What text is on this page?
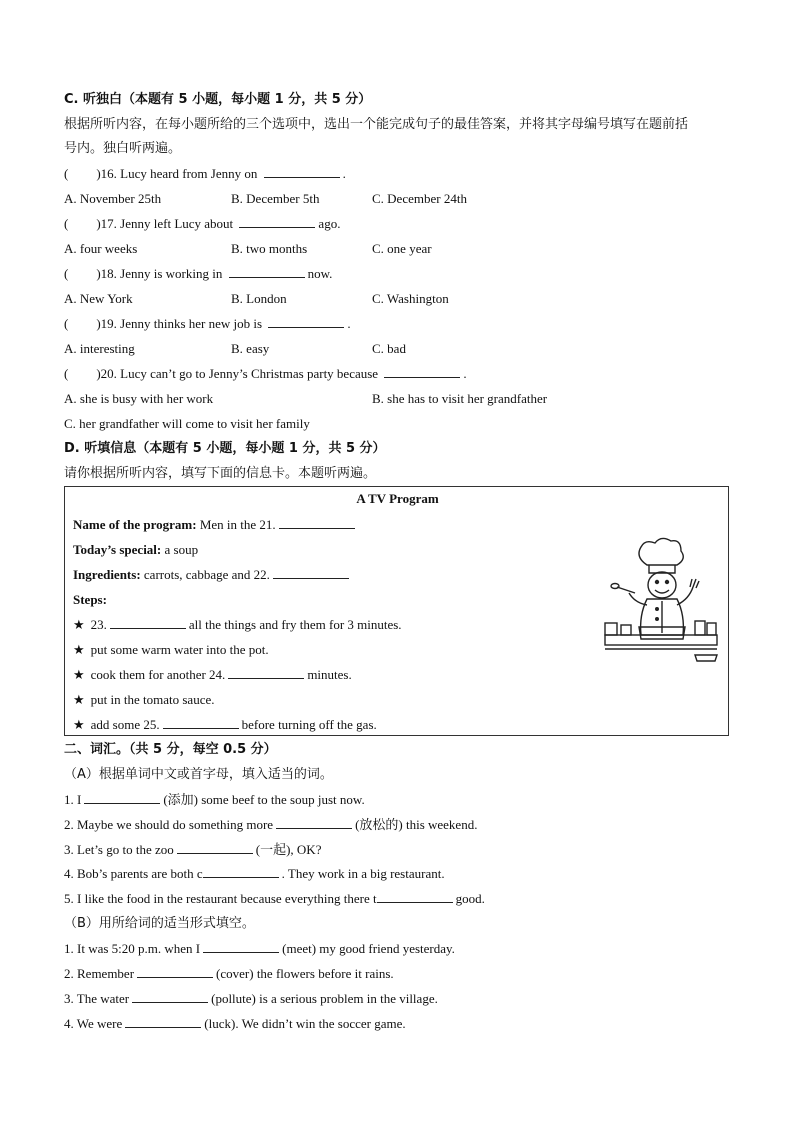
C. 听独白（本题有 5 小题，每小题 1 分，共 5 分）
根据所听内容，在每小题所给的三个选项中，选出一个能完成句子的最佳答案，并将其字母编号填写在题前括
号内。独白听两遍。
( )16. Lucy heard from Jenny on	.
A. November 25th	B. December 5th	C. December 24th
( )17. Jenny left Lucy about	ago.
A. four weeks	B. two months	C. one year
( )18. Jenny is working in	now.
A. New York	B. London	C. Washington
( )19. Jenny thinks her new job is	.
A. interesting	B. easy	C. bad
( )20. Lucy can’t go to Jenny’s Christmas party because	.
A. she is busy with her work	B. she has to visit her grandfather
C. her grandfather will come to visit her family
D. 听填信息（本题有 5 小题，每小题 1 分，共 5 分）
请你根据所听内容，填写下面的信息卡。本题听两遍。
A TV Program
Name of the program: Men in the 21.
Today’s special: a soup
Ingredients: carrots, cabbage and 22.
Steps:
★ 23.	all the things and fry them for 3 minutes.
★ put some warm water into the pot.
★ cook them for another 24.	minutes.
★ put in the tomato sauce.
★ add some 25.	before turning off the gas.
二、词汇。（共 5 分，每空 0.5 分）
（A）根据单词中文或首字母，填入适当的词。
1. I	(添加) some beef to the soup just now.
2. Maybe we should do something more	(放松的) this weekend.
3. Let’s go to the zoo	(一起), OK?
4. Bob’s parents are both c	. They work in a big restaurant.
5. I like the food in the restaurant because everything there t	good.
（B）用所给词的适当形式填空。
1. It was 5:20 p.m. when I	(meet) my good friend yesterday.
2. Remember	(cover) the flowers before it rains.
3. The water	(pollute) is a serious problem in the village.
4. We were	(luck). We didn’t win the soccer game.
